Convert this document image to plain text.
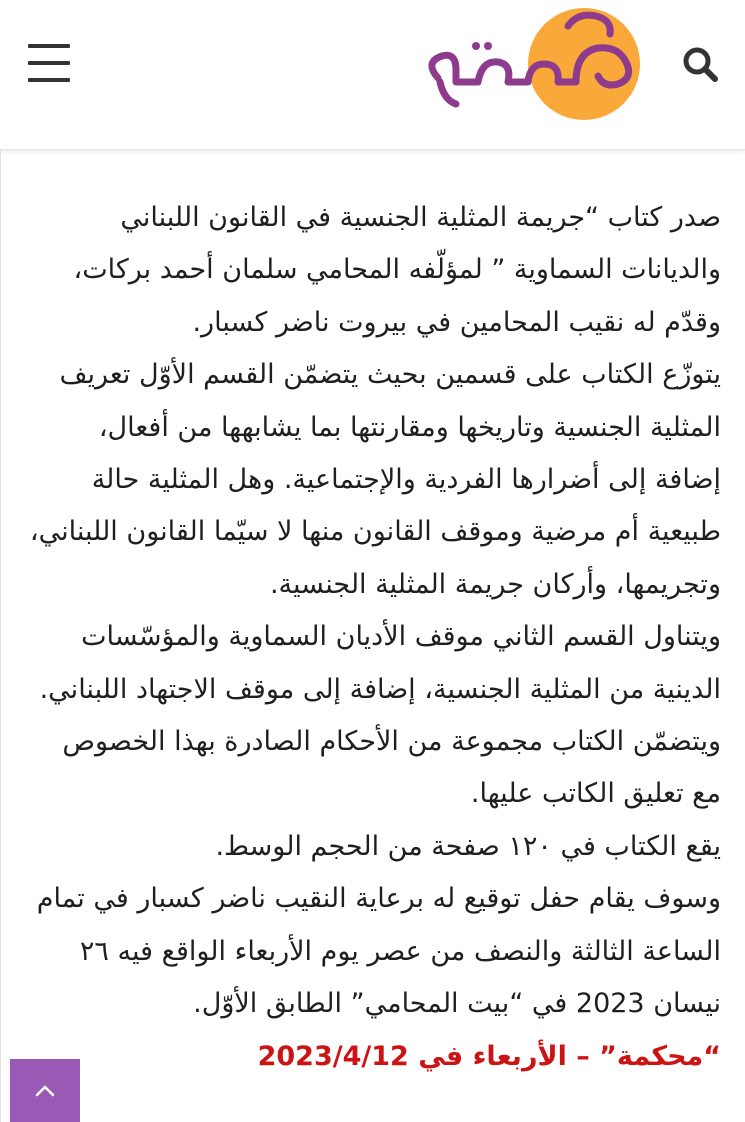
صدر كتاب “جريمة المثلية الجنسية في القانون اللبناني والديانات السماوية ” لمؤلّفه المحامي سلمان أحمد بركات، وقدّم له نقيب المحامين في بيروت ناضر كسبار.

يتوزّع الكتاب على قسمين بحيث يتضمّن القسم الأوّل تعريف المثلية الجنسية وتاريخها ومقارنتها بما يشابهها من أفعال، إضافة إلى أضرارها الفردية والإجتماعية. وهل المثلية حالة طبيعية أم مرضية وموقف القانون منها لا سيّما القانون اللبناني، وتجريمها، وأركان جريمة المثلية الجنسية.

ويتناول القسم الثاني موقف الأديان السماوية والمؤسّسات الدينية من المثلية الجنسية، إضافة إلى موقف الاجتهاد اللبناني. ويتضمّن الكتاب مجموعة من الأحكام الصادرة بهذا الخصوص مع تعليق الكاتب عليها.

يقع الكتاب في ١٢٠ صفحة من الحجم الوسط.

وسوف يقام حفل توقيع له برعاية النقيب ناضر كسبار في تمام الساعة الثالثة والنصف من عصر يوم الأربعاء الواقع فيه ٢٦ نيسان 2023 في “بيت المحامي” الطابق الأوّل.

“محكمة” – الأربعاء في 2023/4/12
